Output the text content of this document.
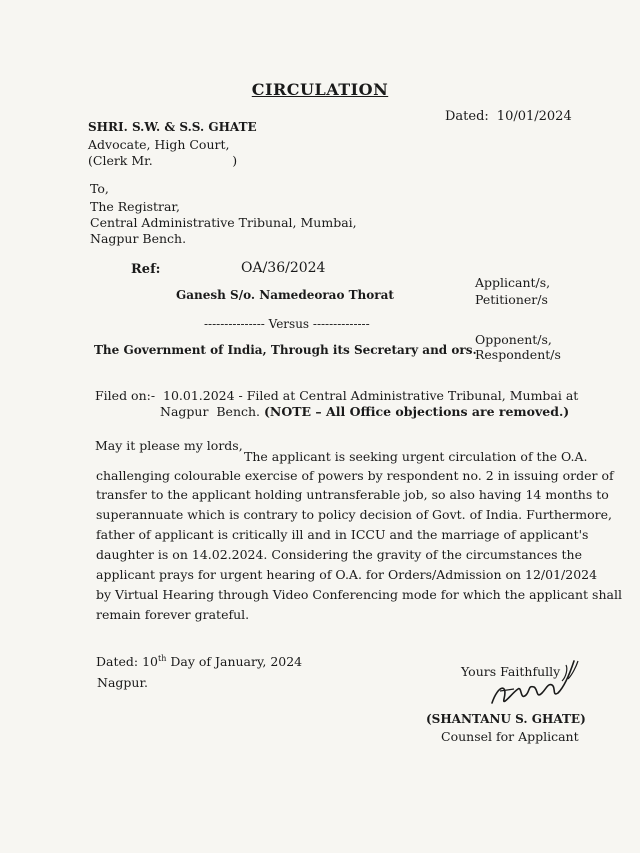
CIRCULATION
Dated: 10/01/2024
SHRI. S.W. & S.S. GHATE
Advocate, High Court,
(Clerk Mr.                    )
To,
The Registrar,
Central Administrative Tribunal, Mumbai,
Nagpur Bench.
Ref:	OA/36/2024
Applicant/s,
Petitioner/s
Ganesh S/o. Namedeorao Thorat
--------------- Versus --------------
Opponent/s,
Respondent/s
The Government of India, Through its Secretary and ors.
Filed on:-  10.01.2024 - Filed at Central Administrative Tribunal, Mumbai at
Nagpur  Bench. (NOTE – All Office objections are removed.)
May it please my lords,
The applicant is seeking urgent circulation of the O.A.
challenging colourable exercise of powers by respondent no. 2 in issuing order of
transfer to the applicant holding untransferable job, so also having 14 months to
superannuate which is contrary to policy decision of Govt. of India. Furthermore,
father of applicant is critically ill and in ICCU and the marriage of applicant's
daughter is on 14.02.2024. Considering the gravity of the circumstances the
applicant prays for urgent hearing of O.A. for Orders/Admission on 12/01/2024
by Virtual Hearing through Video Conferencing mode for which the applicant shall
remain forever grateful.
Dated: 10th Day of January, 2024
Nagpur.
Yours Faithfully
(SHANTANU S. GHATE)
Counsel for Applicant
